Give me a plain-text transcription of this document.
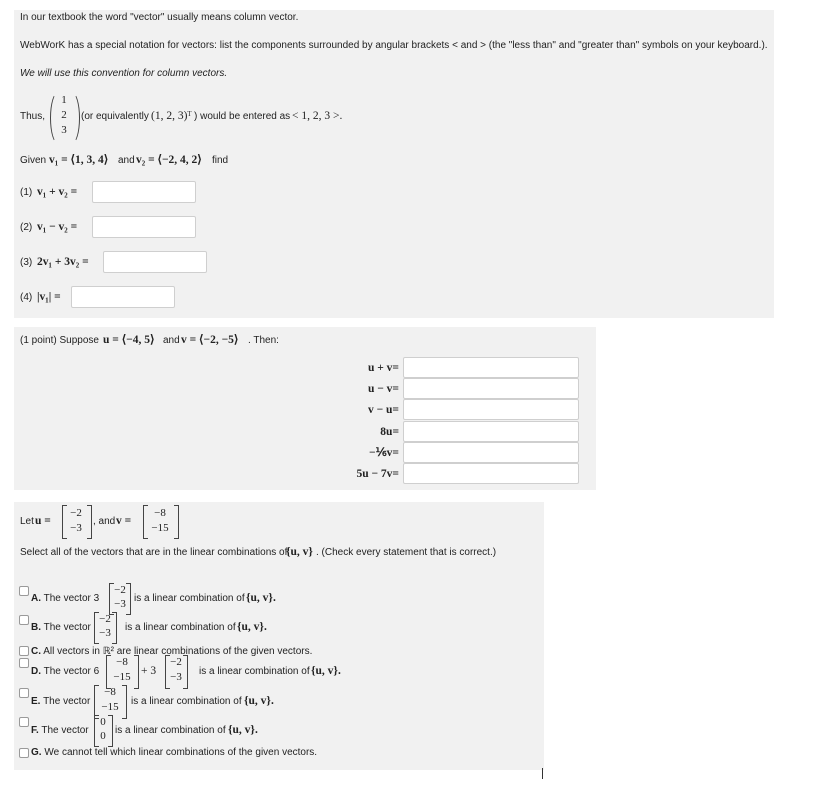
In our textbook the word "vector" usually means column vector.
WebWorK has a special notation for vectors: list the components surrounded by angular brackets < and > (the "less than" and "greater than" symbols on your keyboard.).
We will use this convention for column vectors.
Thus,
1
2
3
(or equivalently (1, 2, 3)ᵀ ) would be entered as < 1, 2, 3 >.
Given v₁ = ⟨1, 3, 4⟩ and v₂ = ⟨−2, 4, 2⟩ find
(1) v₁ + v₂ =
(2) v₁ − v₂ =
(3) 2v₁ + 3v₂ =
(4) |v₁| =
(1 point) Suppose u = ⟨−4, 5⟩ and v = ⟨−2, −5⟩ . Then:
u + v=
u − v=
v − u=
8u=
−⅙v=
5u − 7v=
Let u =
−2
−3
, and v =
−8
−15
Select all of the vectors that are in the linear combinations of
{u, v} . (Check every statement that is correct.)
A. The vector 3
−2
−3 is a linear combination of {u, v}.
B. The vector
−2
−3 is a linear combination of {u, v}.
C. All vectors in ℝ² are linear combinations of the given vectors.
D. The vector 6
−8
−15 + 3
−2
−3 is a linear combination of {u, v}.
E. The vector
−8
−15	is a linear combination of {u, v}.
F. The vector
0
0 is a linear combination of {u, v}.
G. We cannot tell which linear combinations of the given vectors.
